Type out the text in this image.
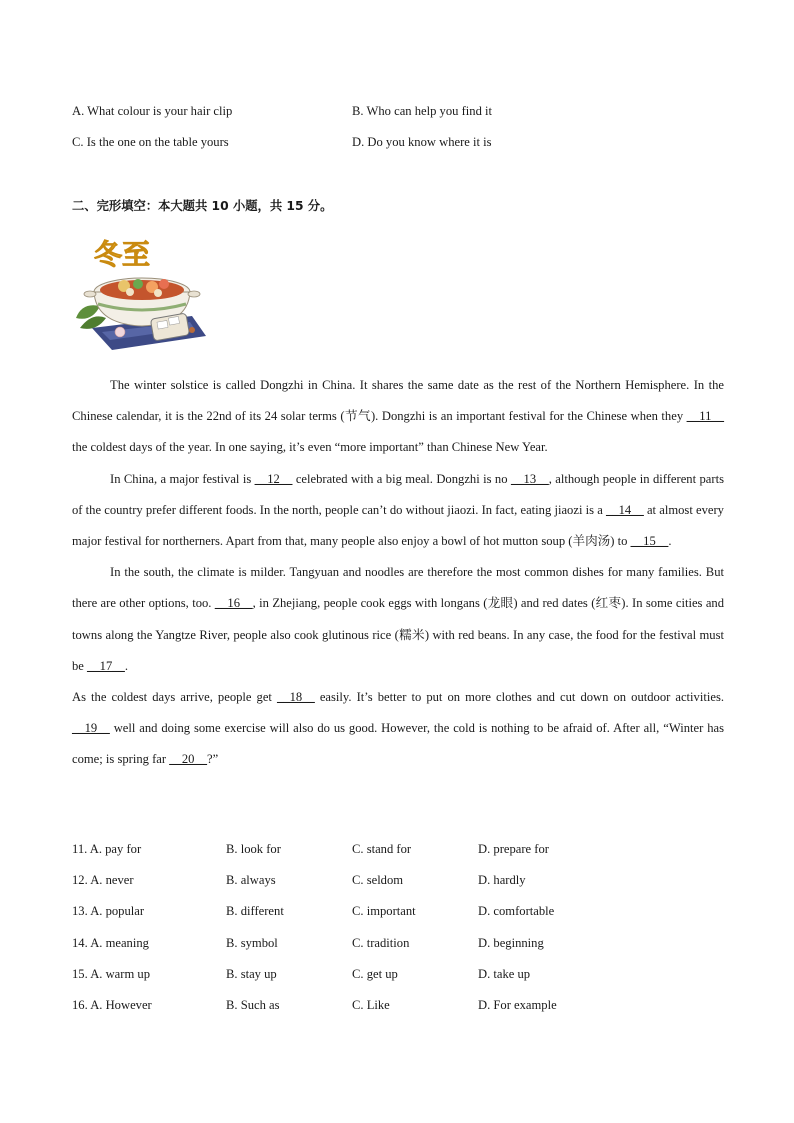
A. What colour is your hair clip	B. Who can help you find it
C. Is the one on the table yours	D. Do you know where it is
二、完形填空：本大题共 10 小题，共 15 分。
冬至

The winter solstice is called Dongzhi in China. It shares the same date as the rest of the Northern Hemisphere. In the Chinese calendar, it is the 22nd of its 24 solar terms (节气). Dongzhi is an important festival for the Chinese when they __11__ the coldest days of the year. In one saying, it’s even “more important” than Chinese New Year.

In China, a major festival is __12__ celebrated with a big meal. Dongzhi is no __13__, although people in different parts of the country prefer different foods. In the north, people can’t do without jiaozi. In fact, eating jiaozi is a __14__ at almost every major festival for northerners. Apart from that, many people also enjoy a bowl of hot mutton soup (羊肉汤) to __15__.

In the south, the climate is milder. Tangyuan and noodles are therefore the most common dishes for many families. But there are other options, too. __16__, in Zhejiang, people cook eggs with longans (龙眼) and red dates (红枣). In some cities and towns along the Yangtze River, people also cook glutinous rice (糯米) with red beans. In any case, the food for the festival must be __17__.

As the coldest days arrive, people get __18__ easily. It’s better to put on more clothes and cut down on outdoor activities. __19__ well and doing some exercise will also do us good. However, the cold is nothing to be afraid of. After all, “Winter has come; is spring far __20__?”

11. A. pay for	B. look for	C. stand for	D. prepare for
12. A. never	B. always	C. seldom	D. hardly
13. A. popular	B. different	C. important	D. comfortable
14. A. meaning	B. symbol	C. tradition	D. beginning
15. A. warm up	B. stay up	C. get up	D. take up
16. A. However	B. Such as	C. Like	D. For example
